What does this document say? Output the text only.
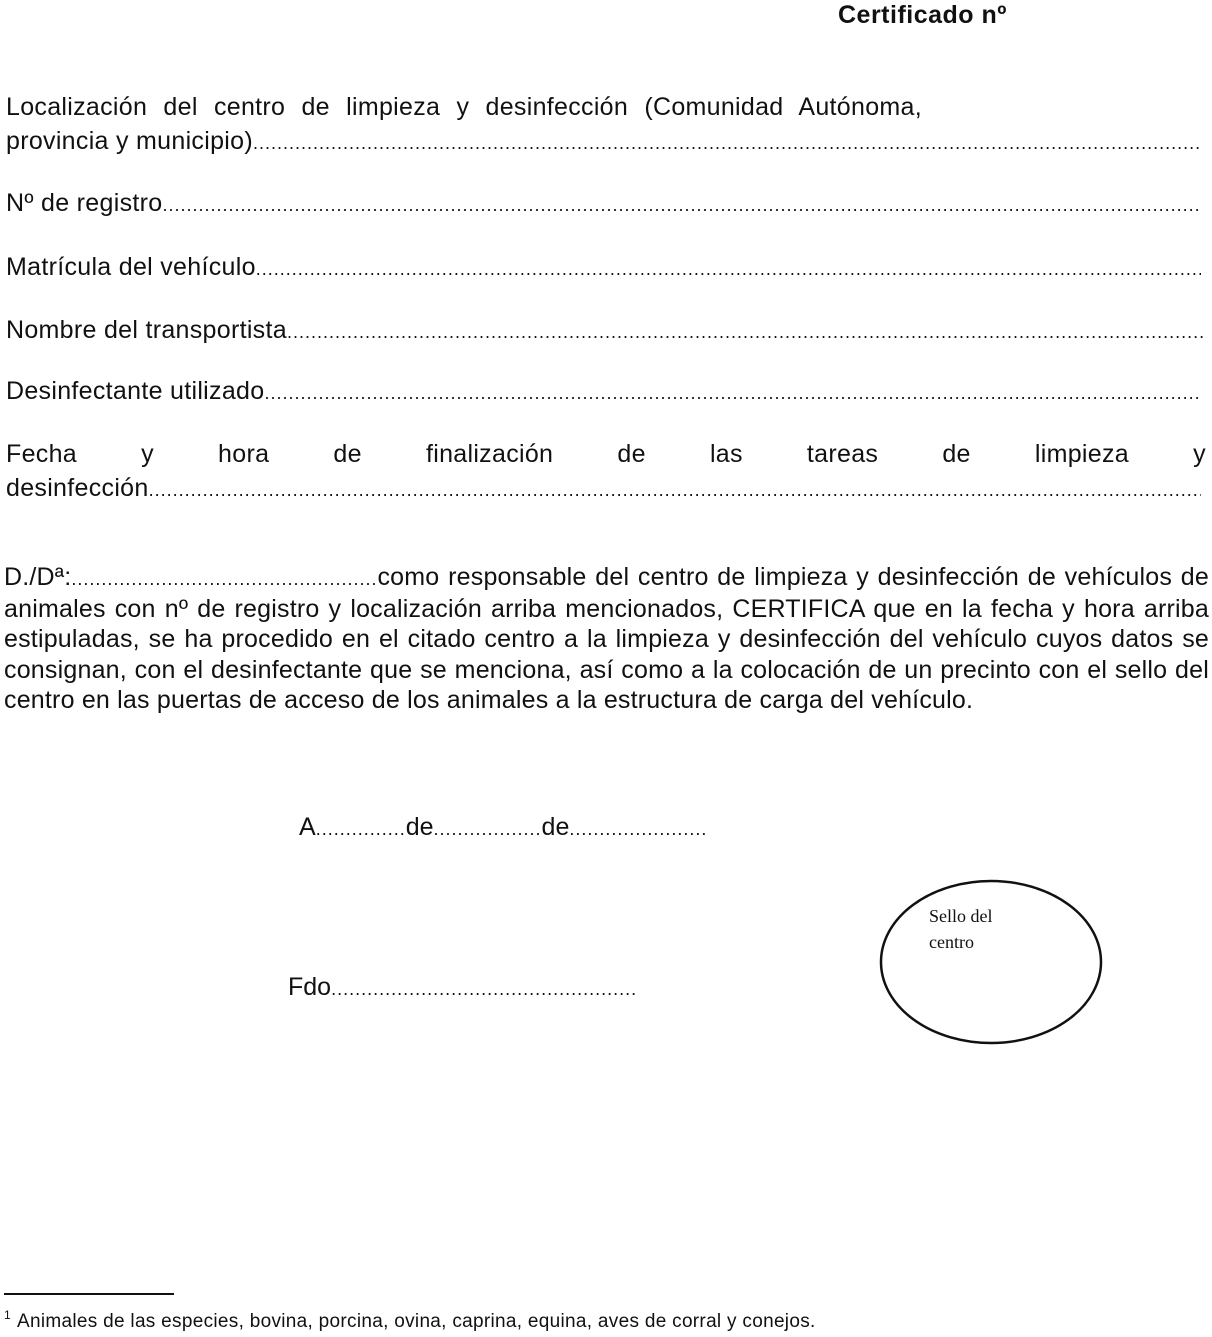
Certificado nº
Localización del centro de limpieza y desinfección (Comunidad Autónoma,
provincia y municipio)
.....
Nº de registro
.....
Matrícula del vehículo
.....
Nombre del transportista
.....
Desinfectante utilizado
.....
Fecha	y	hora	de	finalización	de	las	tareas	de	limpieza	y
desinfección
.....
D./Dª:...................................................como responsable del centro de limpieza y desinfección de vehículos de animales con nº de registro y localización arriba mencionados, CERTIFICA que en la fecha y hora arriba estipuladas, se ha procedido en el citado centro a la limpieza y desinfección del vehículo cuyos datos se consignan, con el desinfectante que se menciona, así como a la colocación de un precinto con el sello del centro en las puertas de acceso de los animales a la estructura de carga del vehículo.
A...............de..................de.......................
Fdo...................................................
Sello del centro
$^1$ Animales de las especies, bovina, porcina, ovina, caprina, equina, aves de corral y conejos.
